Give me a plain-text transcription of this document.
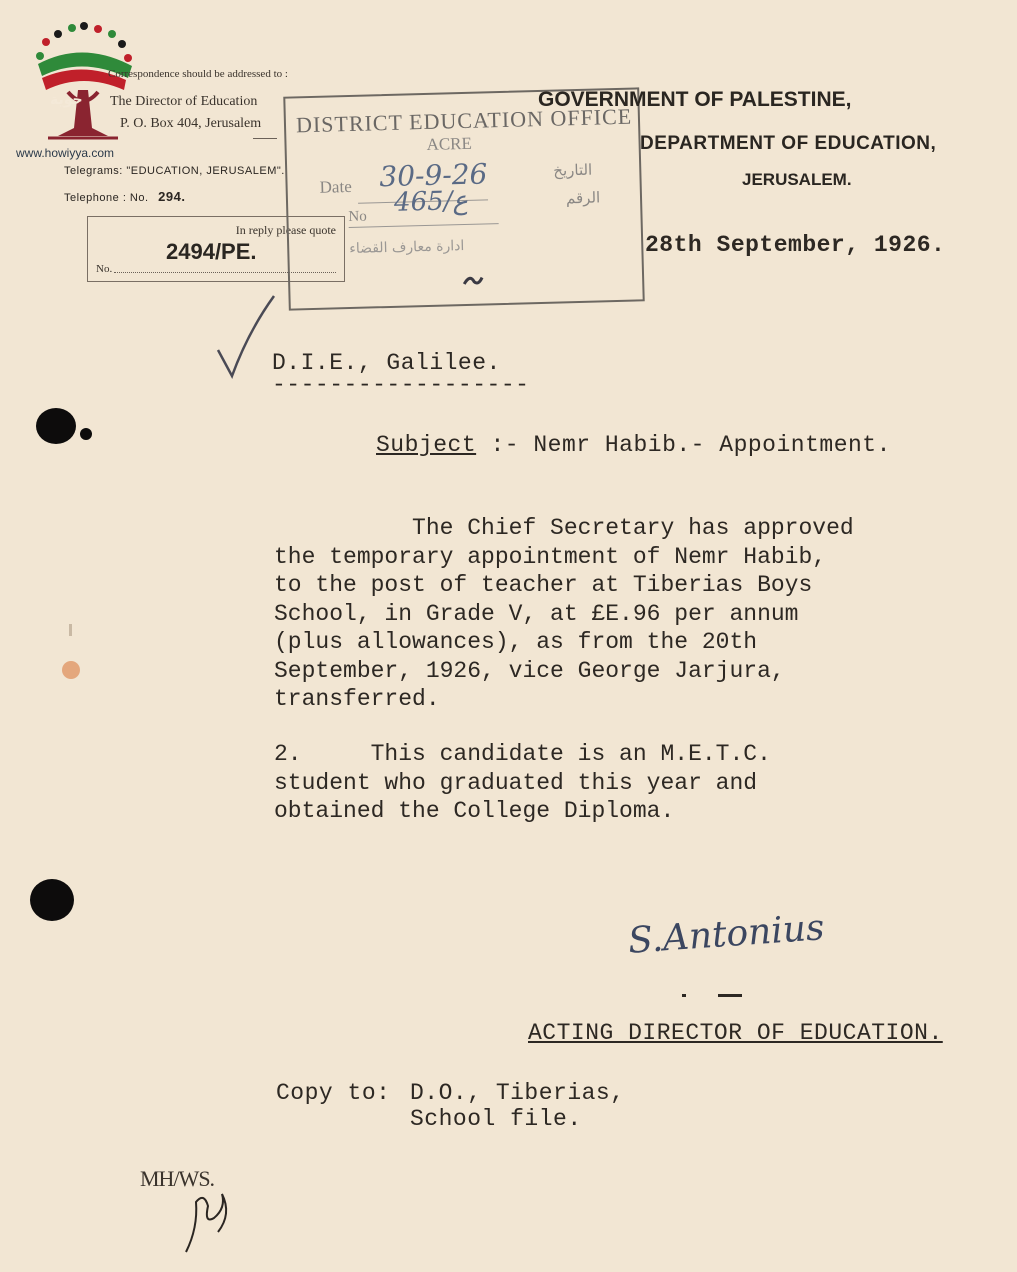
www.howiyya.com
حوية
Correspondence should be addressed to :
The Director of Education
P. O. Box 404, Jerusalem
Telegrams: "EDUCATION, JERUSALEM".
Telephone : No. 294.
In reply please quote
No.
2494/PE.
DISTRICT EDUCATION OFFICE
ACRE
Date 30-9-26
No 465/ع
التاريخ
الرقم
ادارة معارف القضاء
GOVERNMENT OF PALESTINE,
DEPARTMENT OF EDUCATION,
JERUSALEM.
28th September, 1926.
D.I.E., Galilee.
------------------
Subject :- Nemr Habib.- Appointment.
The Chief Secretary has approved
the temporary appointment of Nemr Habib,
to the post of teacher at Tiberias Boys
School, in Grade V, at £E.96 per annum
(plus allowances), as from the 20th
September, 1926, vice George Jarjura,
transferred.
2.     This candidate is an M.E.T.C.
student who graduated this year and
obtained the College Diploma.
S.Antonius
ACTING DIRECTOR OF EDUCATION.
Copy to: D.O., Tiberias,
School file.
MH/WS.
